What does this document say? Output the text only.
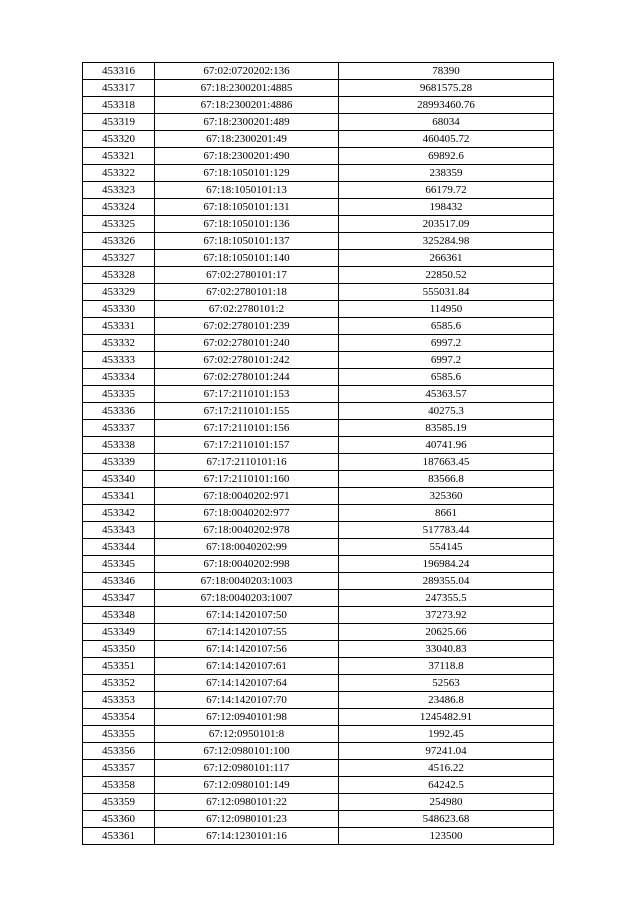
453316	67:02:0720202:136	78390
453317	67:18:2300201:4885	9681575.28
453318	67:18:2300201:4886	28993460.76
453319	67:18:2300201:489	68034
453320	67:18:2300201:49	460405.72
453321	67:18:2300201:490	69892.6
453322	67:18:1050101:129	238359
453323	67:18:1050101:13	66179.72
453324	67:18:1050101:131	198432
453325	67:18:1050101:136	203517.09
453326	67:18:1050101:137	325284.98
453327	67:18:1050101:140	266361
453328	67:02:2780101:17	22850.52
453329	67:02:2780101:18	555031.84
453330	67:02:2780101:2	114950
453331	67:02:2780101:239	6585.6
453332	67:02:2780101:240	6997.2
453333	67:02:2780101:242	6997.2
453334	67:02:2780101:244	6585.6
453335	67:17:2110101:153	45363.57
453336	67:17:2110101:155	40275.3
453337	67:17:2110101:156	83585.19
453338	67:17:2110101:157	40741.96
453339	67:17:2110101:16	187663.45
453340	67:17:2110101:160	83566.8
453341	67:18:0040202:971	325360
453342	67:18:0040202:977	8661
453343	67:18:0040202:978	517783.44
453344	67:18:0040202:99	554145
453345	67:18:0040202:998	196984.24
453346	67:18:0040203:1003	289355.04
453347	67:18:0040203:1007	247355.5
453348	67:14:1420107:50	37273.92
453349	67:14:1420107:55	20625.66
453350	67:14:1420107:56	33040.83
453351	67:14:1420107:61	37118.8
453352	67:14:1420107:64	52563
453353	67:14:1420107:70	23486.8
453354	67:12:0940101:98	1245482.91
453355	67:12:0950101:8	1992.45
453356	67:12:0980101:100	97241.04
453357	67:12:0980101:117	4516.22
453358	67:12:0980101:149	64242.5
453359	67:12:0980101:22	254980
453360	67:12:0980101:23	548623.68
453361	67:14:1230101:16	123500
